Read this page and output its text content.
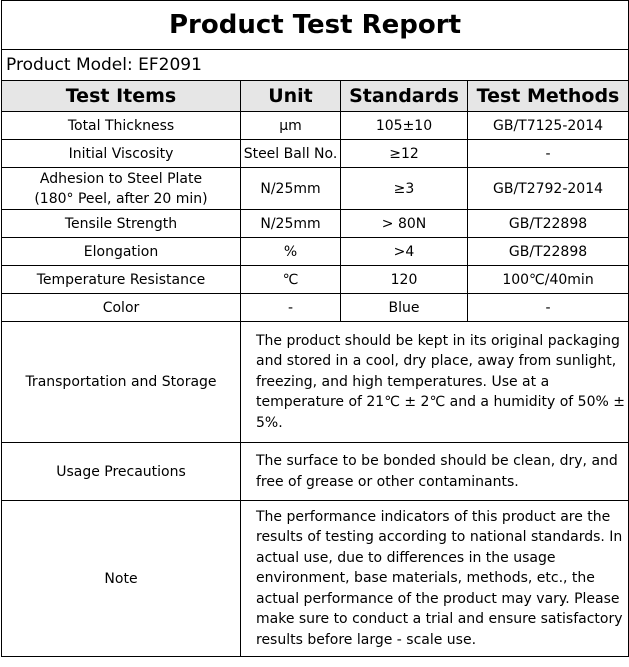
Product Test Report			
Product Model: EF2091			
Test Items	Unit	Standards	Test Methods
Total Thickness	μm	105±10	GB/T7125-2014
Initial Viscosity	Steel Ball No.	≥12	-
Adhesion to Steel Plate
(180° Peel, after 20 min)	N/25mm	≥3	GB/T2792-2014
Tensile Strength	N/25mm	> 80N	GB/T22898
Elongation	%	>4	GB/T22898
Temperature Resistance	℃	120	100℃/40min
Color	-	Blue	-
Transportation and Storage	The product should be kept in its original packaging and stored in a cool, dry place, away from sunlight, freezing, and high temperatures. Use at a temperature of 21℃ ± 2℃ and a humidity of 50% ± 5%.		
Usage Precautions	The surface to be bonded should be clean, dry, and free of grease or other contaminants.		
Note	The performance indicators of this product are the results of testing according to national standards. In actual use, due to differences in the usage environment, base materials, methods, etc., the actual performance of the product may vary. Please make sure to conduct a trial and ensure satisfactory results before large - scale use.		
